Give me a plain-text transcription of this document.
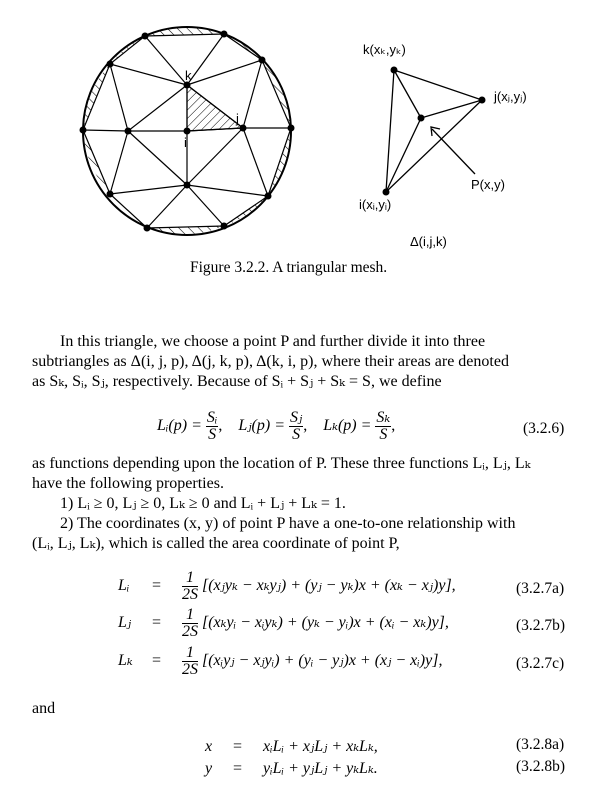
k
j
i
k(xₖ,yₖ)
j(xⱼ,yⱼ)
P(x,y)
i(xᵢ,yᵢ)
Δ(i,j,k)
Figure 3.2.2. A triangular mesh.
In this triangle, we choose a point P and further divide it into three
subtriangles as Δ(i, j, p), Δ(j, k, p), Δ(k, i, p), where their areas are denoted
as Sₖ, Sᵢ, Sⱼ, respectively. Because of Sᵢ + Sⱼ + Sₖ = S, we define
Lᵢ(p) = $\frac{\text{Sᵢ}}{S}$ ,    Lⱼ(p) = $\frac{\text{Sⱼ}}{S}$ ,    $L_k(p) = \frac{\text{Sₖ}}{S}$ ,	(3.2.6)
as functions depending upon the location of P. These three functions Lᵢ, Lⱼ, Lₖ
have the following properties.
1) Lᵢ ≥ 0, Lⱼ ≥ 0, Lₖ ≥ 0 and Lᵢ + Lⱼ + Lₖ = 1.
2) The coordinates (x, y) of point P have a one-to-one relationship with
(Lᵢ, Lⱼ, Lₖ), which is called the area coordinate of point P,
Lᵢ = $\frac{1}{2S}$ [(xⱼyₖ − xₖyⱼ) + (yⱼ − yₖ)x + (xₖ − xⱼ)y],	(3.2.7a)
Lⱼ = $\frac{1}{2S}$ [(xₖyᵢ − xᵢyₖ) + (yₖ − yᵢ)x + (xᵢ − xₖ)y],	(3.2.7b)
$L_k = \frac{1}{2S}$ [(xᵢyⱼ − xⱼyᵢ) + (yᵢ − yⱼ)x + (xⱼ − xᵢ)y],	(3.2.7c)
and
x = xᵢLᵢ + xⱼLⱼ + xₖLₖ,	(3.2.8a)
y = yᵢLᵢ + yⱼLⱼ + yₖLₖ.	(3.2.8b)
